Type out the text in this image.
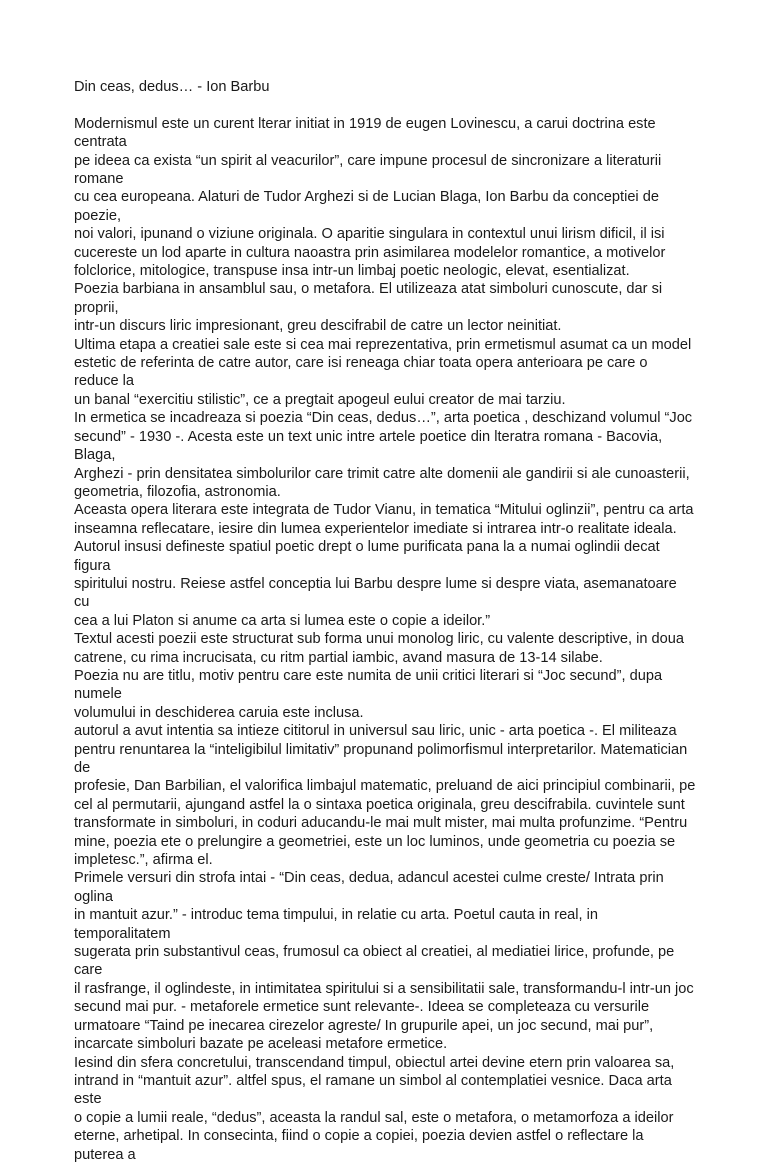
Din ceas, dedus… - Ion Barbu

Modernismul este un curent lterar initiat in 1919 de eugen Lovinescu, a carui doctrina este centrata
pe ideea ca exista “un spirit al veacurilor”, care impune procesul de sincronizare a literaturii romane
cu cea europeana. Alaturi de Tudor Arghezi si de Lucian Blaga, Ion Barbu da conceptiei de poezie,
noi valori, ipunand o viziune originala. O aparitie singulara in contextul unui lirism dificil, il isi
cucereste un lod aparte in cultura naoastra prin asimilarea modelelor romantice, a motivelor
folclorice, mitologice, transpuse insa intr-un limbaj poetic neologic, elevat, esentializat.

Poezia barbiana in ansamblul sau, o metafora. El utilizeaza atat simboluri cunoscute, dar si proprii,
intr-un discurs liric impresionant, greu descifrabil de catre un lector neinitiat.

Ultima etapa a creatiei sale este si cea mai reprezentativa, prin ermetismul asumat ca un model
estetic de referinta de catre autor, care isi reneaga chiar toata opera anterioara pe care o reduce la
un banal “exercitiu stilistic”, ce a pregtait apogeul eului creator de mai tarziu.

In ermetica se incadreaza si poezia “Din ceas, dedus…”, arta poetica , deschizand volumul “Joc
secund” - 1930 -. Acesta este un text unic intre artele poetice din lteratra romana - Bacovia, Blaga,
Arghezi - prin densitatea simbolurilor care trimit catre alte domenii ale gandirii si ale cunoasterii,
geometria, filozofia, astronomia.

Aceasta opera literara este integrata de Tudor Vianu, in tematica “Mitului oglinzii”, pentru ca arta
inseamna reflecatare, iesire din lumea experientelor imediate si intrarea intr-o realitate ideala.
Autorul insusi defineste spatiul poetic drept o lume purificata pana la a numai oglindii decat figura
spiritului nostru. Reiese astfel conceptia lui Barbu despre lume si despre viata, asemanatoare cu
cea a lui Platon si anume ca arta si lumea este o copie a ideilor.”

Textul acesti poezii este structurat sub forma unui monolog liric, cu valente descriptive, in doua
catrene, cu rima incrucisata, cu ritm partial iambic, avand masura de 13-14 silabe.

Poezia nu are titlu, motiv pentru care este numita de unii critici literari si “Joc secund”, dupa numele
volumului in deschiderea caruia este inclusa.

autorul a avut intentia sa intieze cititorul in universul sau liric, unic - arta poetica -. El militeaza
pentru renuntarea la “inteligibilul limitativ” propunand polimorfismul interpretarilor. Matematician de
profesie, Dan Barbilian, el valorifica limbajul matematic, preluand de aici principiul combinarii, pe
cel al permutarii, ajungand astfel la o sintaxa poetica originala, greu descifrabila. cuvintele sunt
transformate in simboluri, in coduri aducandu-le mai mult mister, mai multa profunzime. “Pentru
mine, poezia ete o prelungire a geometriei, este un loc luminos, unde geometria cu poezia se
impletesc.”, afirma el.

Primele versuri din strofa intai - “Din ceas, dedua, adancul acestei culme creste/ Intrata prin oglina
in mantuit azur.” - introduc tema timpului, in relatie cu arta. Poetul cauta in real, in temporalitatem
sugerata prin substantivul ceas, frumosul ca obiect al creatiei, al mediatiei lirice, profunde, pe care
il rasfrange, il oglindeste, in intimitatea spiritului si a sensibilitatii sale, transformandu-l intr-un joc
secund mai pur. - metaforele ermetice sunt relevante-. Ideea se completeaza cu versurile
urmatoare “Taind pe inecarea cirezelor agreste/ In grupurile apei, un joc secund, mai pur”,
incarcate simboluri bazate pe aceleasi metafore ermetice.

Iesind din sfera concretului, transcendand timpul, obiectul artei devine etern prin valoarea sa,
intrand in “mantuit azur”. altfel spus, el ramane un simbol al contemplatiei vesnice. Daca arta este
o copie a lumii reale, “dedus”, aceasta la randul sal, este o metafora, o metamorfoza a ideilor
eterne, arhetipal. In consecinta, fiind o copie a copiei, poezia devien astfel o reflectare la puterea a
